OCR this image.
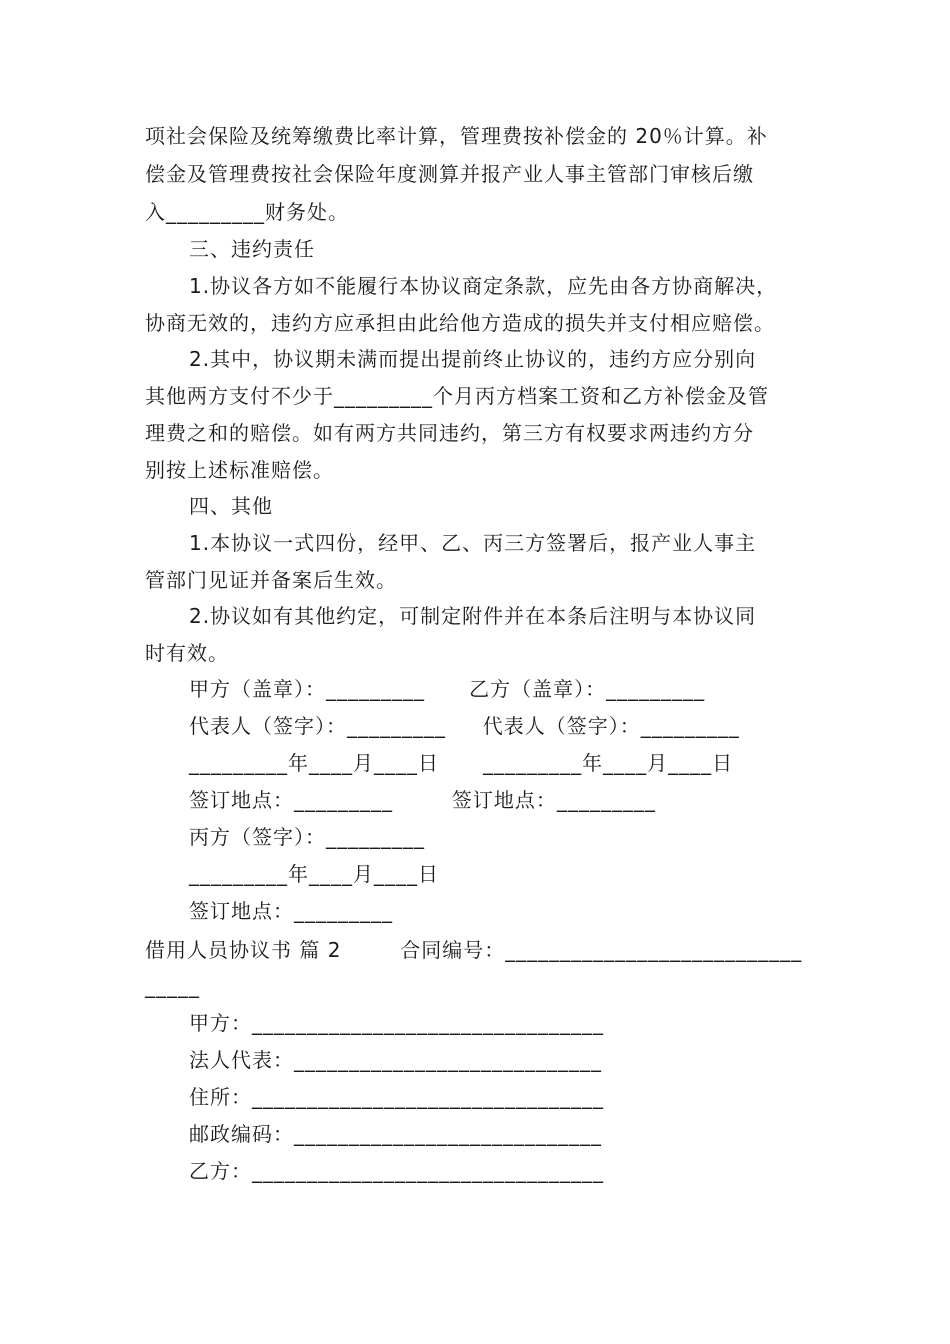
项社会保险及统筹缴费比率计算，管理费按补偿金的 20％计算。补
偿金及管理费按社会保险年度测算并报产业人事主管部门审核后缴
入_________财务处。
三、违约责任
1.协议各方如不能履行本协议商定条款，应先由各方协商解决，
协商无效的，违约方应承担由此给他方造成的损失并支付相应赔偿。
2.其中，协议期未满而提出提前终止协议的，违约方应分别向
其他两方支付不少于_________个月丙方档案工资和乙方补偿金及管
理费之和的赔偿。如有两方共同违约，第三方有权要求两违约方分
别按上述标准赔偿。
四、其他
1.本协议一式四份，经甲、乙、丙三方签署后，报产业人事主
管部门见证并备案后生效。
2.协议如有其他约定，可制定附件并在本条后注明与本协议同
时有效。
甲方（盖章）：_________      乙方（盖章）：_________
代表人（签字）：_________     代表人（签字）：_________
_________年____月____日      _________年____月____日
签订地点：_________        签订地点：_________
丙方（签字）：_________
_________年____月____日
签订地点：_________
借用人员协议书 篇 2        合同编号：___________________________
_____
甲方：________________________________
法人代表：____________________________
住所：________________________________
邮政编码：____________________________
乙方：________________________________
